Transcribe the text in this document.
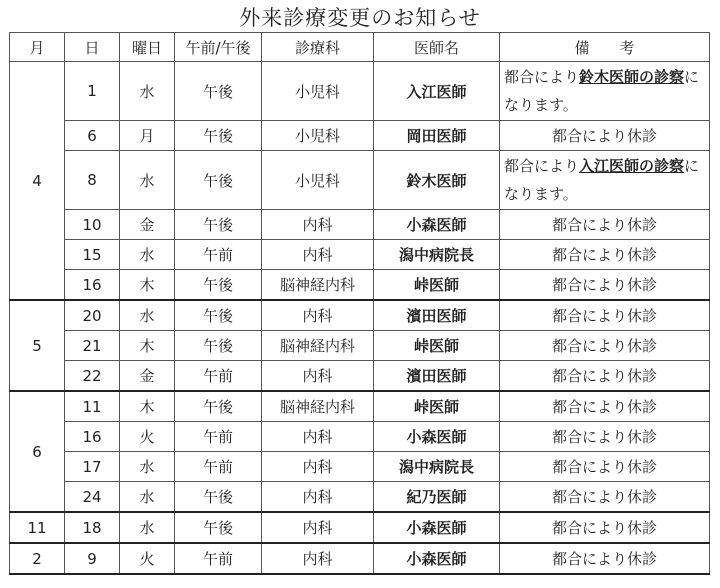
外来診療変更のお知らせ
月	日	曜日	午前/午後	診療科	医師名	備　　考
4	1	水	午後	小児科	入江医師	都合により鈴木医師の診察になります。
	6	月	午後	小児科	岡田医師	都合により休診
	8	水	午後	小児科	鈴木医師	都合により入江医師の診察になります。
	10	金	午後	内科	小森医師	都合により休診
	15	水	午前	内科	潟中病院長	都合により休診
	16	木	午後	脳神経内科	峠医師	都合により休診
5	20	水	午後	内科	濱田医師	都合により休診
	21	木	午後	脳神経内科	峠医師	都合により休診
	22	金	午前	内科	濱田医師	都合により休診
6	11	木	午後	脳神経内科	峠医師	都合により休診
	16	火	午前	内科	小森医師	都合により休診
	17	水	午前	内科	潟中病院長	都合により休診
	24	水	午後	内科	紀乃医師	都合により休診
11	18	水	午後	内科	小森医師	都合により休診
2	9	火	午前	内科	小森医師	都合により休診
